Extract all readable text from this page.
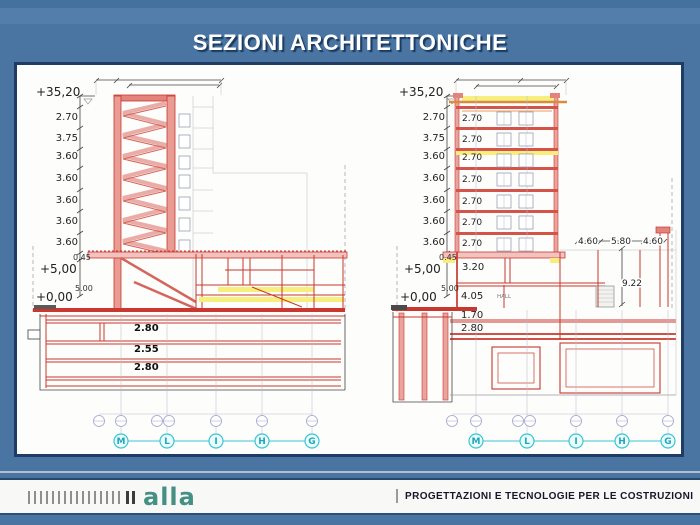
SEZIONI ARCHITETTONICHE
+35,20
2.70
3.75
3.60
3.60
3.60
3.60
3.60
0.45
+5,00
5.00
+0,00
2.80
2.55
2.80
M	L	I	H	G
+35,20
2.70
3.75
3.60
3.60
3.60
3.60
3.60
2.70
2.70
2.70
2.70
2.70
2.70
2.70
0.45
+5,00
5.00
+0,00
3.20
4.05
1.70
2.80
HALL
4.60 5.80 4.60
9.22
M	L	I	H	G
alla	PROGETTAZIONI E TECNOLOGIE PER LE COSTRUZIONI
